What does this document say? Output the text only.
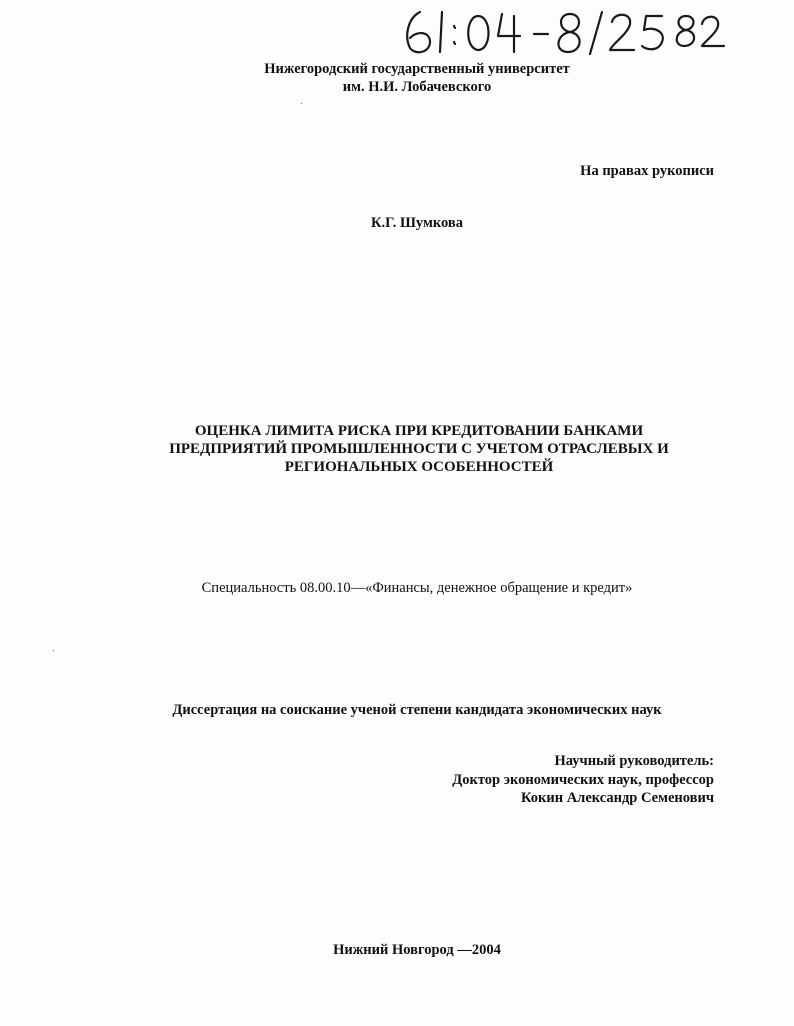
Нижегородский государственный университет
им. Н.И. Лобачевского
На правах рукописи
К.Г. Шумкова
ОЦЕНКА ЛИМИТА РИСКА ПРИ КРЕДИТОВАНИИ БАНКАМИ
ПРЕДПРИЯТИЙ ПРОМЫШЛЕННОСТИ С УЧЕТОМ ОТРАСЛЕВЫХ И
РЕГИОНАЛЬНЫХ ОСОБЕННОСТЕЙ
Специальность 08.00.10—«Финансы, денежное обращение и кредит»
Диссертация на соискание ученой степени кандидата экономических наук
Научный руководитель:
Доктор экономических наук, профессор
Кокин Александр Семенович
Нижний Новгород —2004
